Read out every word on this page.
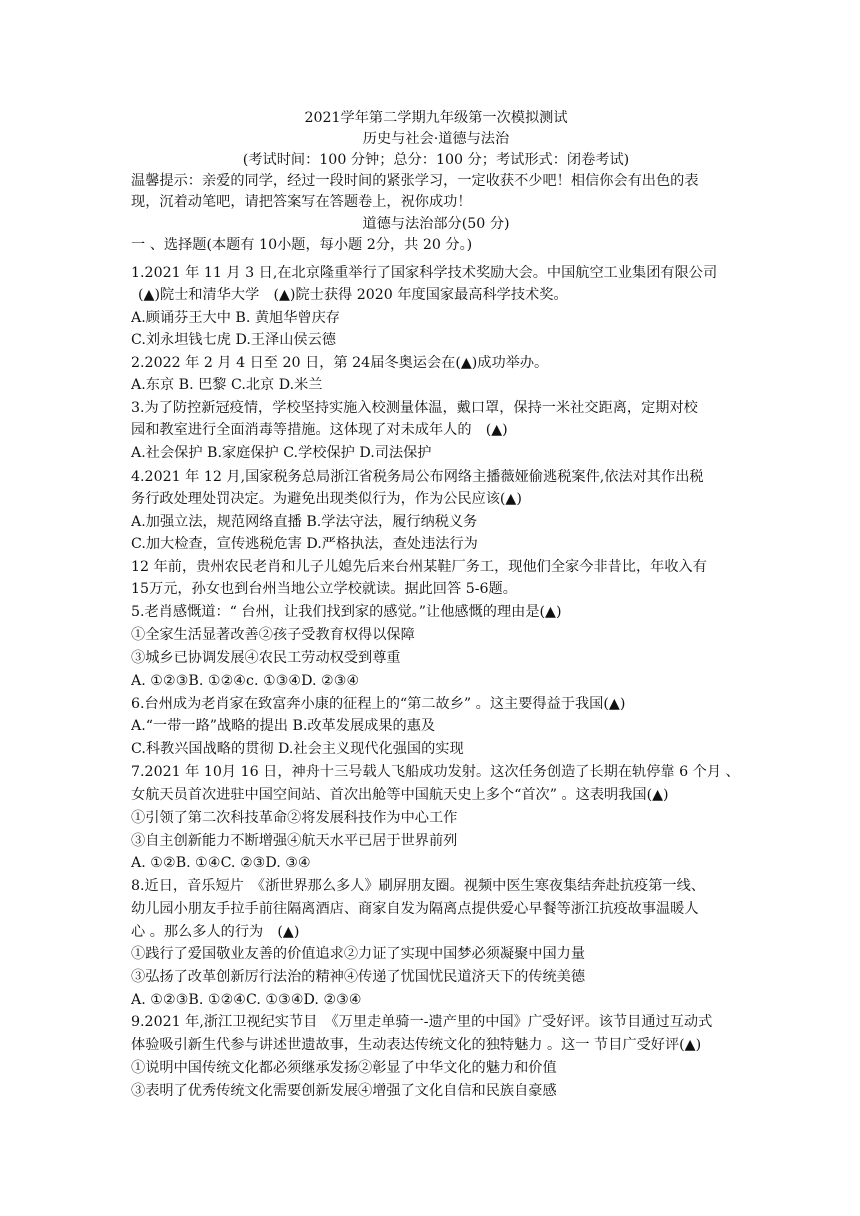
2021学年第二学期九年级第一次模拟测试
历史与社会·道德与法治
(考试时间：100 分钟；总分：100 分；考试形式：闭卷考试)
温馨提示：亲爱的同学，经过一段时间的紧张学习，一定收获不少吧！相信你会有出色的表
现，沉着动笔吧，请把答案写在答题卷上，祝你成功！
道德与法治部分(50 分)
一 、选择题(本题有 10小题，每小题 2分，共 20 分。)
1.2021 年 11 月 3 日,在北京隆重举行了国家科学技术奖励大会。中国航空工业集团有限公司
(▲)院士和清华大学　(▲)院士获得 2020 年度国家最高科学技术奖。
A.顾诵芬王大中 B. 黄旭华曾庆存
C.刘永坦钱七虎 D.王泽山侯云德
2.2022 年 2 月 4 日至 20 日，第 24届冬奥运会在(▲)成功举办。
A.东京 B. 巴黎 C.北京 D.米兰
3.为了防控新冠疫情，学校坚持实施入校测量体温，戴口罩，保持一米社交距离，定期对校
园和教室进行全面消毒等措施。这体现了对未成年人的　(▲)
A.社会保护 B.家庭保护 C.学校保护 D.司法保护
4.2021 年 12 月,国家税务总局浙江省税务局公布网络主播薇娅偷逃税案件,依法对其作出税
务行政处理处罚决定。为避免出现类似行为，作为公民应该(▲)
A.加强立法，规范网络直播 B.学法守法，履行纳税义务
C.加大检查，宣传逃税危害 D.严格执法，查处违法行为
12 年前，贵州农民老肖和儿子儿媳先后来台州某鞋厂务工，现他们全家今非昔比，年收入有
15万元，孙女也到台州当地公立学校就读。据此回答 5-6题。
5.老肖感慨道：“ 台州，让我们找到家的感觉。”让他感慨的理由是(▲)
①全家生活显著改善②孩子受教育权得以保障
③城乡已协调发展④农民工劳动权受到尊重
A. ①②③B. ①②④c. ①③④D. ②③④
6.台州成为老肖家在致富奔小康的征程上的“第二故乡” 。这主要得益于我国(▲)
A.“一带一路”战略的提出 B.改革发展成果的惠及
C.科教兴国战略的贯彻 D.社会主义现代化强国的实现
7.2021 年 10月 16 日，神舟十三号载人飞船成功发射。这次任务创造了长期在轨停靠 6 个月 、
女航天员首次进驻中国空间站、首次出舱等中国航天史上多个“首次” 。这表明我国(▲)
①引领了第二次科技革命②将发展科技作为中心工作
③自主创新能力不断增强④航天水平已居于世界前列
A. ①②B. ①④C. ②③D. ③④
8.近日，音乐短片　《浙世界那么多人》刷屏朋友圈。视频中医生寒夜集结奔赴抗疫第一线、
幼儿园小朋友手拉手前往隔离酒店、商家自发为隔离点提供爱心早餐等浙江抗疫故事温暖人
心 。那么多人的行为　(▲)
①践行了爱国敬业友善的价值追求②力证了实现中国梦必须凝聚中国力量
③弘扬了改革创新厉行法治的精神④传递了忧国忧民道济天下的传统美德
A. ①②③B. ①②④C. ①③④D. ②③④
9.2021 年,浙江卫视纪实节目　《万里走单骑一-遗产里的中国》广受好评。该节目通过互动式
体验吸引新生代参与讲述世遗故事，生动表达传统文化的独特魅力 。这一 节目广受好评(▲)
①说明中国传统文化都必须继承发扬②彰显了中华文化的魅力和价值
③表明了优秀传统文化需要创新发展④增强了文化自信和民族自豪感
